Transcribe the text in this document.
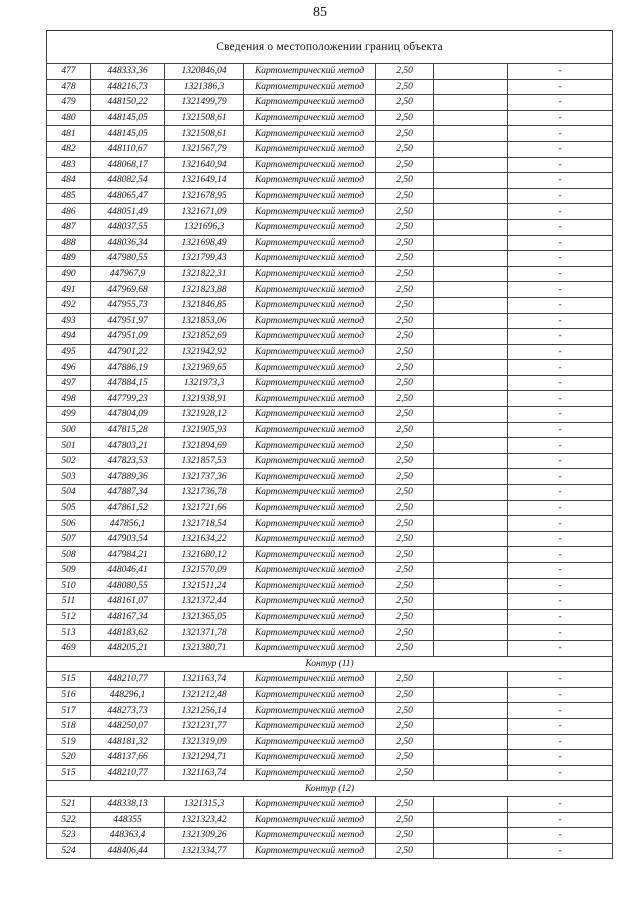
85
Сведения о местоположении границ объекта						
477	448333,36	1320846,04	Картометрический метод	2,50		-
478	448216,73	1321386,3	Картометрический метод	2,50		-
479	448150,22	1321499,79	Картометрический метод	2,50		-
480	448145,05	1321508,61	Картометрический метод	2,50		-
481	448145,05	1321508,61	Картометрический метод	2,50		-
482	448110,67	1321567,79	Картометрический метод	2,50		-
483	448068,17	1321640,94	Картометрический метод	2,50		-
484	448082,54	1321649,14	Картометрический метод	2,50		-
485	448065,47	1321678,95	Картометрический метод	2,50		-
486	448051,49	1321671,09	Картометрический метод	2,50		-
487	448037,55	1321696,3	Картометрический метод	2,50		-
488	448036,34	1321698,49	Картометрический метод	2,50		-
489	447980,55	1321799,43	Картометрический метод	2,50		-
490	447967,9	1321822,31	Картометрический метод	2,50		-
491	447969,68	1321823,88	Картометрический метод	2,50		-
492	447955,73	1321846,85	Картометрический метод	2,50		-
493	447951,97	1321853,06	Картометрический метод	2,50		-
494	447951,09	1321852,69	Картометрический метод	2,50		-
495	447901,22	1321942,92	Картометрический метод	2,50		-
496	447886,19	1321969,65	Картометрический метод	2,50		-
497	447884,15	1321973,3	Картометрический метод	2,50		-
498	447799,23	1321938,91	Картометрический метод	2,50		-
499	447804,09	1321928,12	Картометрический метод	2,50		-
500	447815,28	1321905,93	Картометрический метод	2,50		-
501	447803,21	1321894,69	Картометрический метод	2,50		-
502	447823,53	1321857,53	Картометрический метод	2,50		-
503	447889,36	1321737,36	Картометрический метод	2,50		-
504	447887,34	1321736,78	Картометрический метод	2,50		-
505	447861,52	1321721,66	Картометрический метод	2,50		-
506	447856,1	1321718,54	Картометрический метод	2,50		-
507	447903,54	1321634,22	Картометрический метод	2,50		-
508	447984,21	1321680,12	Картометрический метод	2,50		-
509	448046,41	1321570,09	Картометрический метод	2,50		-
510	448080,55	1321511,24	Картометрический метод	2,50		-
511	448161,07	1321372,44	Картометрический метод	2,50		-
512	448167,34	1321365,05	Картометрический метод	2,50		-
513	448183,62	1321371,78	Картометрический метод	2,50		-
469	448205,21	1321380,71	Картометрический метод	2,50		-
Контур (11)						
515	448210,77	1321163,74	Картометрический метод	2,50		-
516	448296,1	1321212,48	Картометрический метод	2,50		-
517	448273,73	1321256,14	Картометрический метод	2,50		-
518	448250,07	1321231,77	Картометрический метод	2,50		-
519	448181,32	1321319,09	Картометрический метод	2,50		-
520	448137,66	1321294,71	Картометрический метод	2,50		-
515	448210,77	1321163,74	Картометрический метод	2,50		-
Контур (12)						
521	448338,13	1321315,3	Картометрический метод	2,50		-
522	448355	1321323,42	Картометрический метод	2,50		-
523	448363,4	1321309,26	Картометрический метод	2,50		-
524	448406,44	1321334,77	Картометрический метод	2,50		-
